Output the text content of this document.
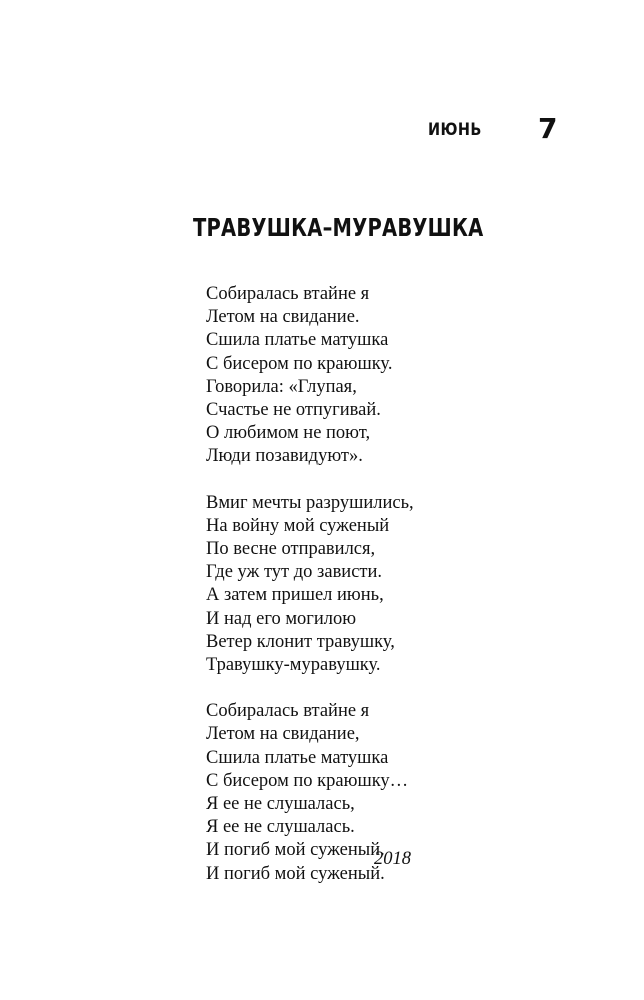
ИЮНЬ 7
ТРАВУШКА–МУРАВУШКА
Собиралась втайне я
Летом на свидание.
Сшила платье матушка
С бисером по краюшку.
Говорила: «Глупая,
Счастье не отпугивай.
О любимом не поют,
Люди позавидуют».
Вмиг мечты разрушились,
На войну мой суженый
По весне отправился,
Где уж тут до зависти.
А затем пришел июнь,
И над его могилою
Ветер клонит травушку,
Травушку-муравушку.
Собиралась втайне я
Летом на свидание,
Сшила платье матушка
С бисером по краюшку…
Я ее не слушалась,
Я ее не слушалась.
И погиб мой суженый.
И погиб мой суженый.
2018
